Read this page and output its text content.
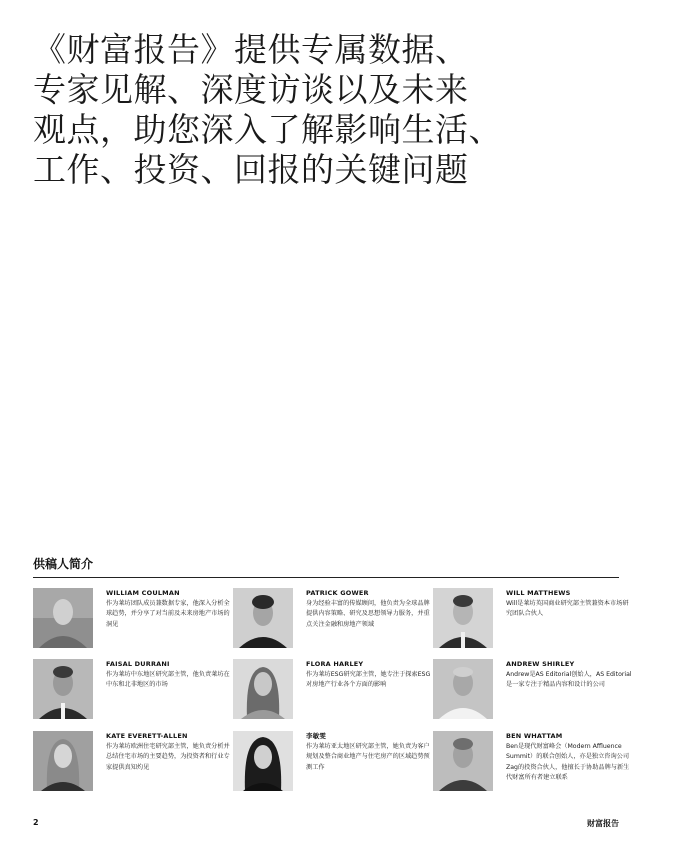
《财富报告》提供专属数据、
专家见解、深度访谈以及未来
观点，助您深入了解影响生活、
工作、投资、回报的关键问题
供稿人简介
WILLIAM COULMAN
作为莱坊团队成员兼数据专家，他深入分析全球趋势，并分享了对当前及未来房地产市场的洞见
PATRICK GOWER
身为经验丰富的传媒顾问，他负责为全球品牌提供内容策略、研究及思想领导力服务，并重点关注金融和房地产领域
WILL MATTHEWS
Will是莱坊英国商业研究部主管兼资本市场研究团队合伙人
FAISAL DURRANI
作为莱坊中东地区研究部主管，他负责莱坊在中东和北非地区的市场
FLORA HARLEY
作为莱坊ESG研究部主管，她专注于探索ESG对房地产行业各个方面的影响
ANDREW SHIRLEY
Andrew是AS Editorial创始人，AS Editorial是一家专注于精品内容和设计的公司
KATE EVERETT-ALLEN
作为莱坊欧洲住宅研究部主管，她负责分析并总结住宅市场的主要趋势，为投资者和行业专家提供真知灼见
李敏雯
作为莱坊亚太地区研究部主管，她负责为客户规划及整合商业地产与住宅房产的区域趋势预测工作
BEN WHATTAM
Ben是现代财富峰会（Modern Affluence Summit）的联合创始人，亦是独立咨询公司Zag的投资合伙人，他擅长于协助品牌与新生代财富所有者建立联系
2	财富报告
